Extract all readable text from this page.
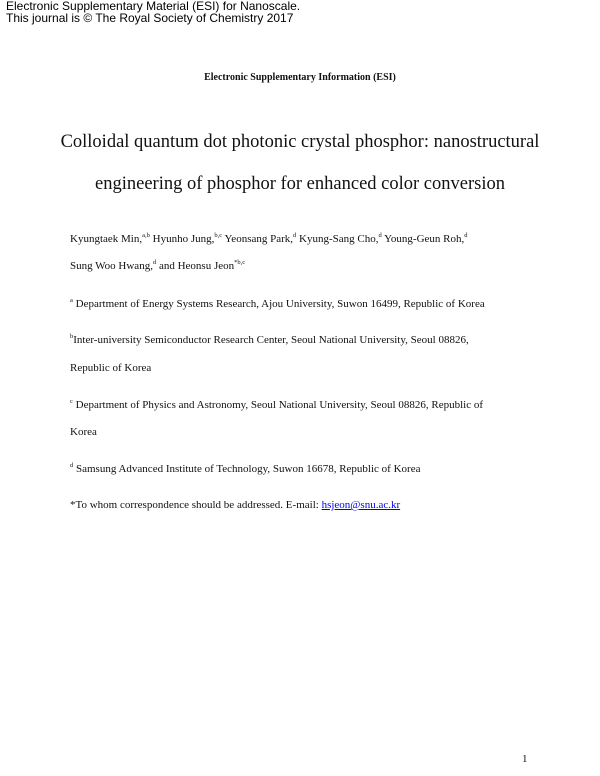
Electronic Supplementary Material (ESI) for Nanoscale.
This journal is © The Royal Society of Chemistry 2017
Electronic Supplementary Information (ESI)
Colloidal quantum dot photonic crystal phosphor: nanostructural
engineering of phosphor for enhanced color conversion
Kyungtaek Min,$^{a,b}$ Hyunho Jung,$^{b,c}$ Yeonsang Park,$^d$ Kyung-Sang Cho,$^d$ Young-Geun Roh,$^d$
Sung Woo Hwang,$^d$ and Heonsu Jeon$^{*b,c}$
$^a$ Department of Energy Systems Research, Ajou University, Suwon 16499, Republic of Korea
$^b$Inter-university Semiconductor Research Center, Seoul National University, Seoul 08826,
Republic of Korea
$^c$ Department of Physics and Astronomy, Seoul National University, Seoul 08826, Republic of
Korea
$^d$ Samsung Advanced Institute of Technology, Suwon 16678, Republic of Korea
*To whom correspondence should be addressed. E-mail: hsjeon@snu.ac.kr
1
